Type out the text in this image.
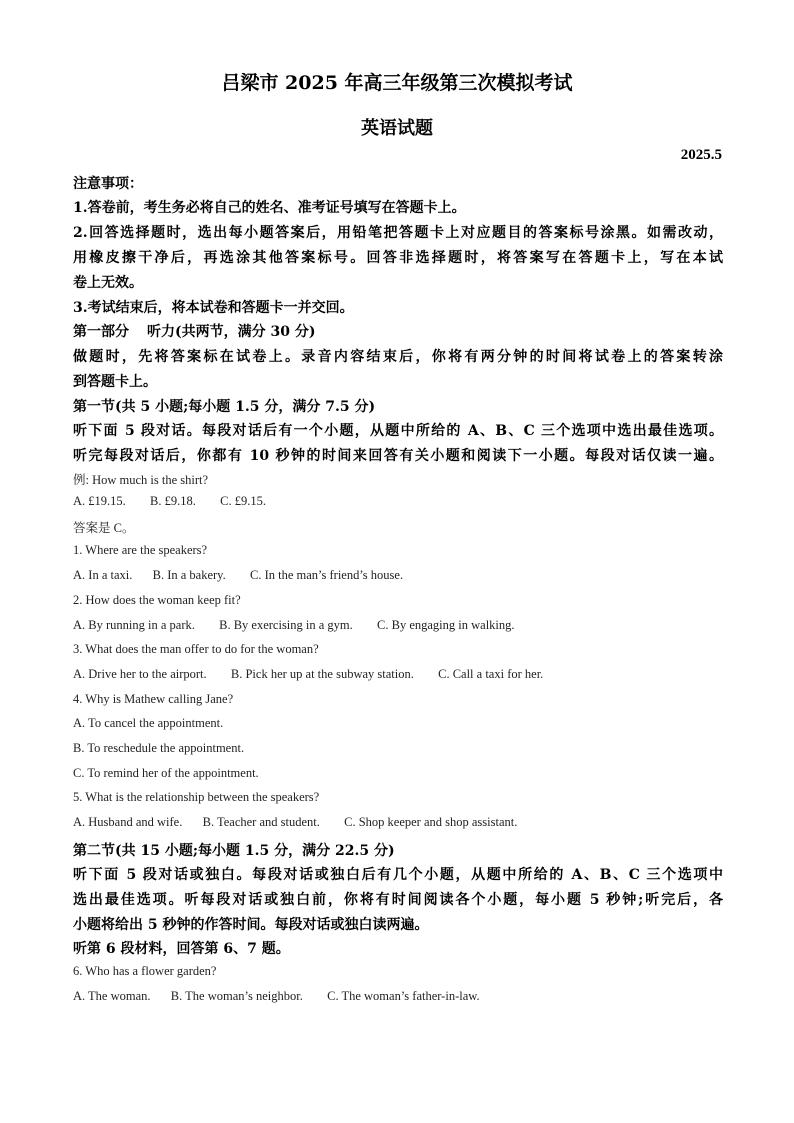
吕梁市 2025 年高三年级第三次模拟考试
英语试题
2025.5
注意事项：
1.答卷前，考生务必将自己的姓名、准考证号填写在答题卡上。
2.回答选择题时，选出每小题答案后，用铅笔把答题卡上对应题目的答案标号涂黑。如需改动，
用橡皮擦干净后，再选涂其他答案标号。回答非选择题时，将答案写在答题卡上，写在本试
卷上无效。
3.考试结束后，将本试卷和答题卡一并交回。
第一部分 听力(共两节，满分 30 分)
做题时，先将答案标在试卷上。录音内容结束后，你将有两分钟的时间将试卷上的答案转涂
到答题卡上。
第一节(共 5 小题;每小题 1.5 分，满分 7.5 分)
听下面 5 段对话。每段对话后有一个小题，从题中所给的 A、B、C 三个选项中选出最佳选项。
听完每段对话后，你都有 10 秒钟的时间来回答有关小题和阅读下一小题。每段对话仅读一遍。
例: How much is the shirt?
A. £19.15. B. £9.18. C. £9.15.
答案是 C。
1. Where are the speakers?
A. In a taxi. B. In a bakery. C. In the man’s friend’s house.
2. How does the woman keep fit?
A. By running in a park. B. By exercising in a gym. C. By engaging in walking.
3. What does the man offer to do for the woman?
A. Drive her to the airport. B. Pick her up at the subway station. C. Call a taxi for her.
4. Why is Mathew calling Jane?
A. To cancel the appointment.
B. To reschedule the appointment.
C. To remind her of the appointment.
5. What is the relationship between the speakers?
A. Husband and wife. B. Teacher and student. C. Shop keeper and shop assistant.
第二节(共 15 小题;每小题 1.5 分，满分 22.5 分)
听下面 5 段对话或独白。每段对话或独白后有几个小题，从题中所给的 A、B、C 三个选项中
选出最佳选项。听每段对话或独白前，你将有时间阅读各个小题，每小题 5 秒钟;听完后，各
小题将给出 5 秒钟的作答时间。每段对话或独白读两遍。
听第 6 段材料，回答第 6、7 题。
6. Who has a flower garden?
A. The woman. B. The woman’s neighbor. C. The woman’s father-in-law.
